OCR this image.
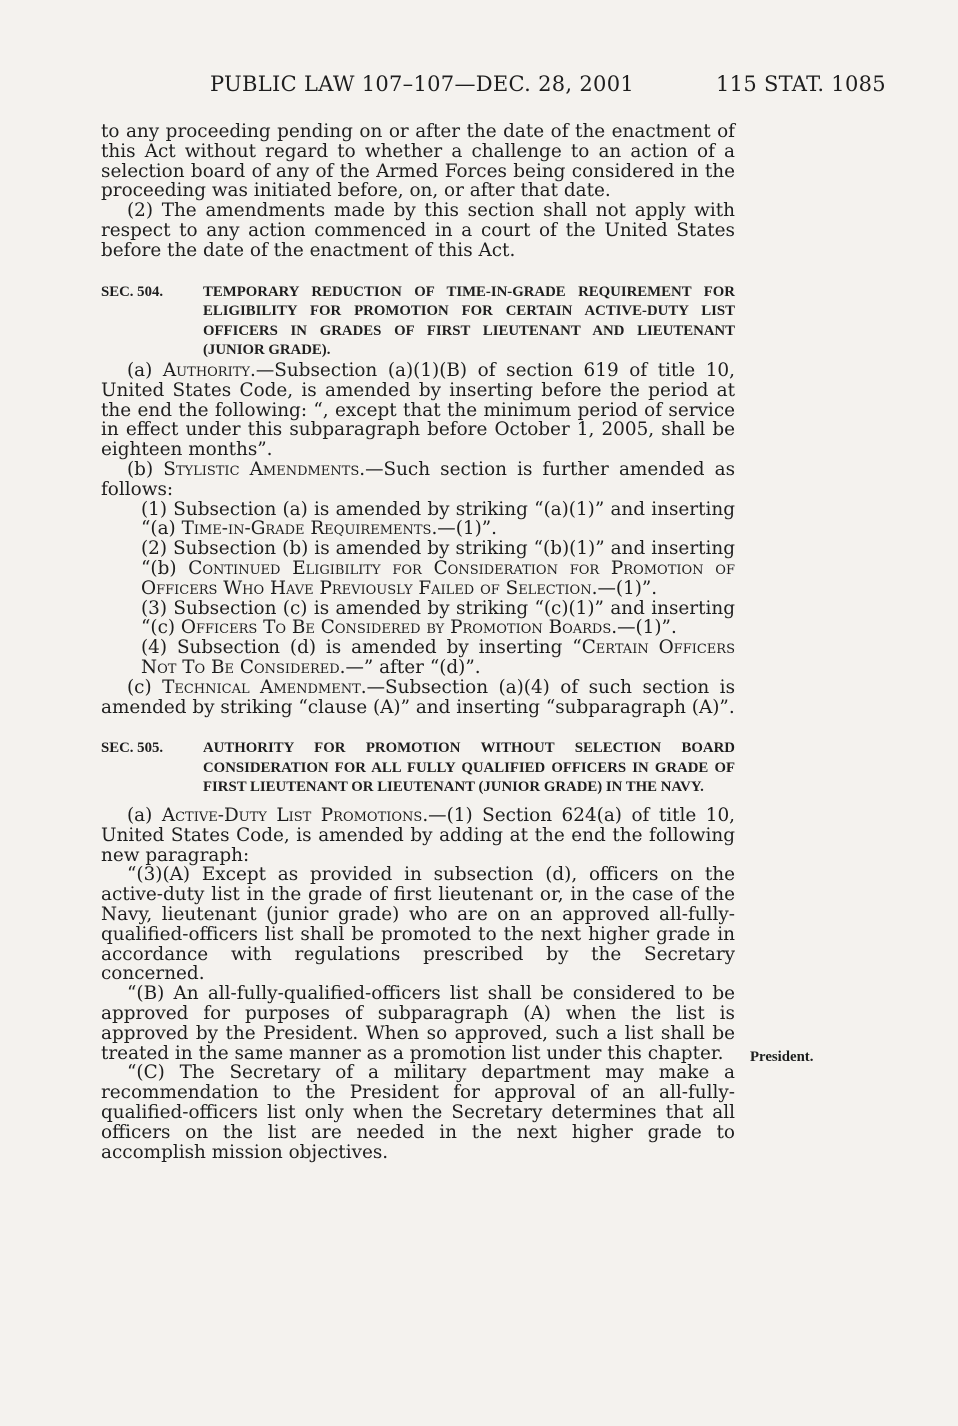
PUBLIC LAW 107–107—DEC. 28, 2001	115 STAT. 1085

to any proceeding pending on or after the date of the enactment of this Act without regard to whether a challenge to an action of a selection board of any of the Armed Forces being considered in the proceeding was initiated before, on, or after that date.

(2) The amendments made by this section shall not apply with respect to any action commenced in a court of the United States before the date of the enactment of this Act.

SEC. 504.	TEMPORARY REDUCTION OF TIME-IN-GRADE REQUIREMENT FOR ELIGIBILITY FOR PROMOTION FOR CERTAIN ACTIVE-DUTY LIST OFFICERS IN GRADES OF FIRST LIEUTENANT AND LIEUTENANT (JUNIOR GRADE).

(a) Authority.—Subsection (a)(1)(B) of section 619 of title 10, United States Code, is amended by inserting before the period at the end the following: “, except that the minimum period of service in effect under this subparagraph before October 1, 2005, shall be eighteen months”.

(b) Stylistic Amendments.—Such section is further amended as follows:

(1) Subsection (a) is amended by striking “(a)(1)” and inserting “(a) Time-in-Grade Requirements.—(1)”.

(2) Subsection (b) is amended by striking “(b)(1)” and inserting “(b) Continued Eligibility for Consideration for Promotion of Officers Who Have Previously Failed of Selection.—(1)”.

(3) Subsection (c) is amended by striking “(c)(1)” and inserting “(c) Officers To Be Considered by Promotion Boards.—(1)”.

(4) Subsection (d) is amended by inserting “Certain Officers Not To Be Considered.—” after “(d)”.

(c) Technical Amendment.—Subsection (a)(4) of such section is amended by striking “clause (A)” and inserting “subparagraph (A)”.

SEC. 505.	AUTHORITY FOR PROMOTION WITHOUT SELECTION BOARD CONSIDERATION FOR ALL FULLY QUALIFIED OFFICERS IN GRADE OF FIRST LIEUTENANT OR LIEUTENANT (JUNIOR GRADE) IN THE NAVY.

(a) Active-Duty List Promotions.—(1) Section 624(a) of title 10, United States Code, is amended by adding at the end the following new paragraph:

“(3)(A) Except as provided in subsection (d), officers on the active-duty list in the grade of first lieutenant or, in the case of the Navy, lieutenant (junior grade) who are on an approved all-fully-qualified-officers list shall be promoted to the next higher grade in accordance with regulations prescribed by the Secretary concerned.

“(B) An all-fully-qualified-officers list shall be considered to be approved for purposes of subparagraph (A) when the list is approved by the President. When so approved, such a list shall be treated in the same manner as a promotion list under this chapter.

“(C) The Secretary of a military department may make a recommendation to the President for approval of an all-fully-qualified-officers list only when the Secretary determines that all officers on the list are needed in the next higher grade to accomplish mission objectives.

President.
